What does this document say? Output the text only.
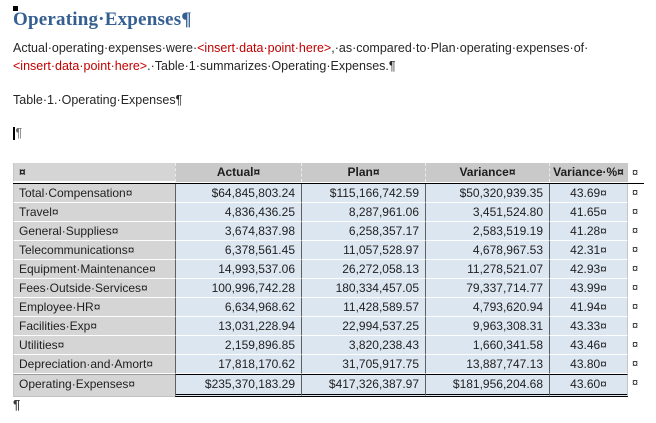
Operating·Expenses¶
Actual·operating·expenses·were·<insert·data·point·here>,·as·compared·to·Plan·operating·expenses·of·
<insert·data·point·here>.·Table·1·summarizes·Operating·Expenses.¶
Table·1.·Operating·Expenses¶
¶
¤	Actual¤	Plan¤	Variance¤	Variance·%¤ ¤
Total·Compensation¤	$64,845,803.24	$115,166,742.59	$50,320,939.35	43.69¤	¤
Travel¤	4,836,436.25	8,287,961.06	3,451,524.80	41.65¤	¤
General·Supplies¤	3,674,837.98	6,258,357.17	2,583,519.19	41.28¤	¤
Telecommunications¤	6,378,561.45	11,057,528.97	4,678,967.53	42.31¤	¤
Equipment·Maintenance¤	14,993,537.06	26,272,058.13	11,278,521.07	42.93¤	¤
Fees·Outside·Services¤	100,996,742.28	180,334,457.05	79,337,714.77	43.99¤	¤
Employee·HR¤	6,634,968.62	11,428,589.57	4,793,620.94	41.94¤	¤
Facilities·Exp¤	13,031,228.94	22,994,537.25	9,963,308.31	43.33¤	¤
Utilities¤	2,159,896.85	3,820,238.43	1,660,341.58	43.46¤	¤
Depreciation·and·Amort¤	17,818,170.62	31,705,917.75	13,887,747.13	43.80¤	¤
Operating·Expenses¤	$235,370,183.29	$417,326,387.97	$181,956,204.68	43.60¤	¤
¶
